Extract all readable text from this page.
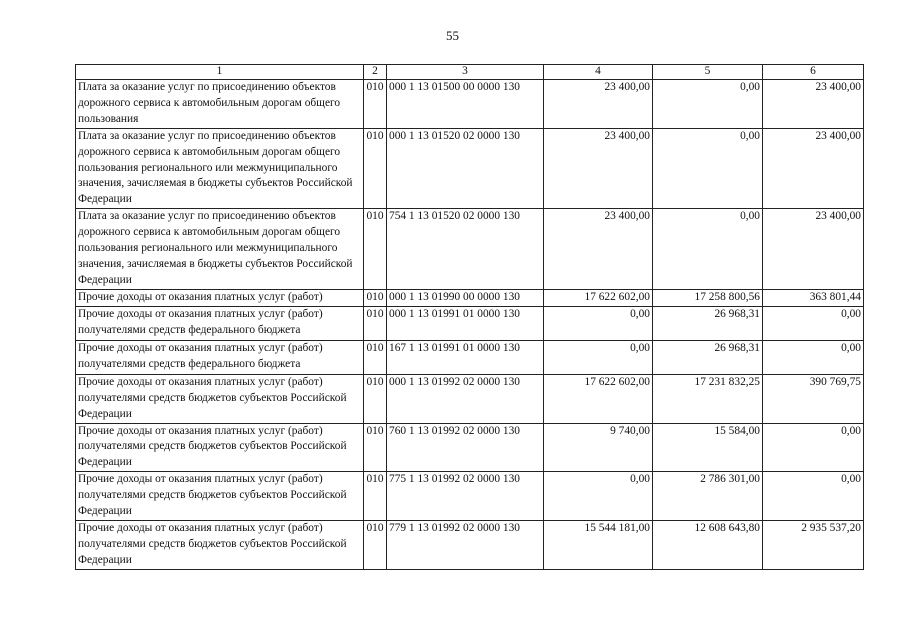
55
1	2	3	4	5	6
Плата за оказание услуг по присоединению объектов дорожного сервиса к автомобильным дорогам общего пользования	010	000 1 13 01500 00 0000 130	23 400,00	0,00	23 400,00
Плата за оказание услуг по присоединению объектов дорожного сервиса к автомобильным дорогам общего пользования регионального или межмуниципального значения, зачисляемая в бюджеты субъектов Российской Федерации	010	000 1 13 01520 02 0000 130	23 400,00	0,00	23 400,00
Плата за оказание услуг по присоединению объектов дорожного сервиса к автомобильным дорогам общего пользования регионального или межмуниципального значения, зачисляемая в бюджеты субъектов Российской Федерации	010	754 1 13 01520 02 0000 130	23 400,00	0,00	23 400,00
Прочие доходы от оказания платных услуг (работ)	010	000 1 13 01990 00 0000 130	17 622 602,00	17 258 800,56	363 801,44
Прочие доходы от оказания платных услуг (работ) получателями средств федерального бюджета	010	000 1 13 01991 01 0000 130	0,00	26 968,31	0,00
Прочие доходы от оказания платных услуг (работ) получателями средств федерального бюджета	010	167 1 13 01991 01 0000 130	0,00	26 968,31	0,00
Прочие доходы от оказания платных услуг (работ) получателями средств бюджетов субъектов Российской Федерации	010	000 1 13 01992 02 0000 130	17 622 602,00	17 231 832,25	390 769,75
Прочие доходы от оказания платных услуг (работ) получателями средств бюджетов субъектов Российской Федерации	010	760 1 13 01992 02 0000 130	9 740,00	15 584,00	0,00
Прочие доходы от оказания платных услуг (работ) получателями средств бюджетов субъектов Российской Федерации	010	775 1 13 01992 02 0000 130	0,00	2 786 301,00	0,00
Прочие доходы от оказания платных услуг (работ) получателями средств бюджетов субъектов Российской Федерации	010	779 1 13 01992 02 0000 130	15 544 181,00	12 608 643,80	2 935 537,20
